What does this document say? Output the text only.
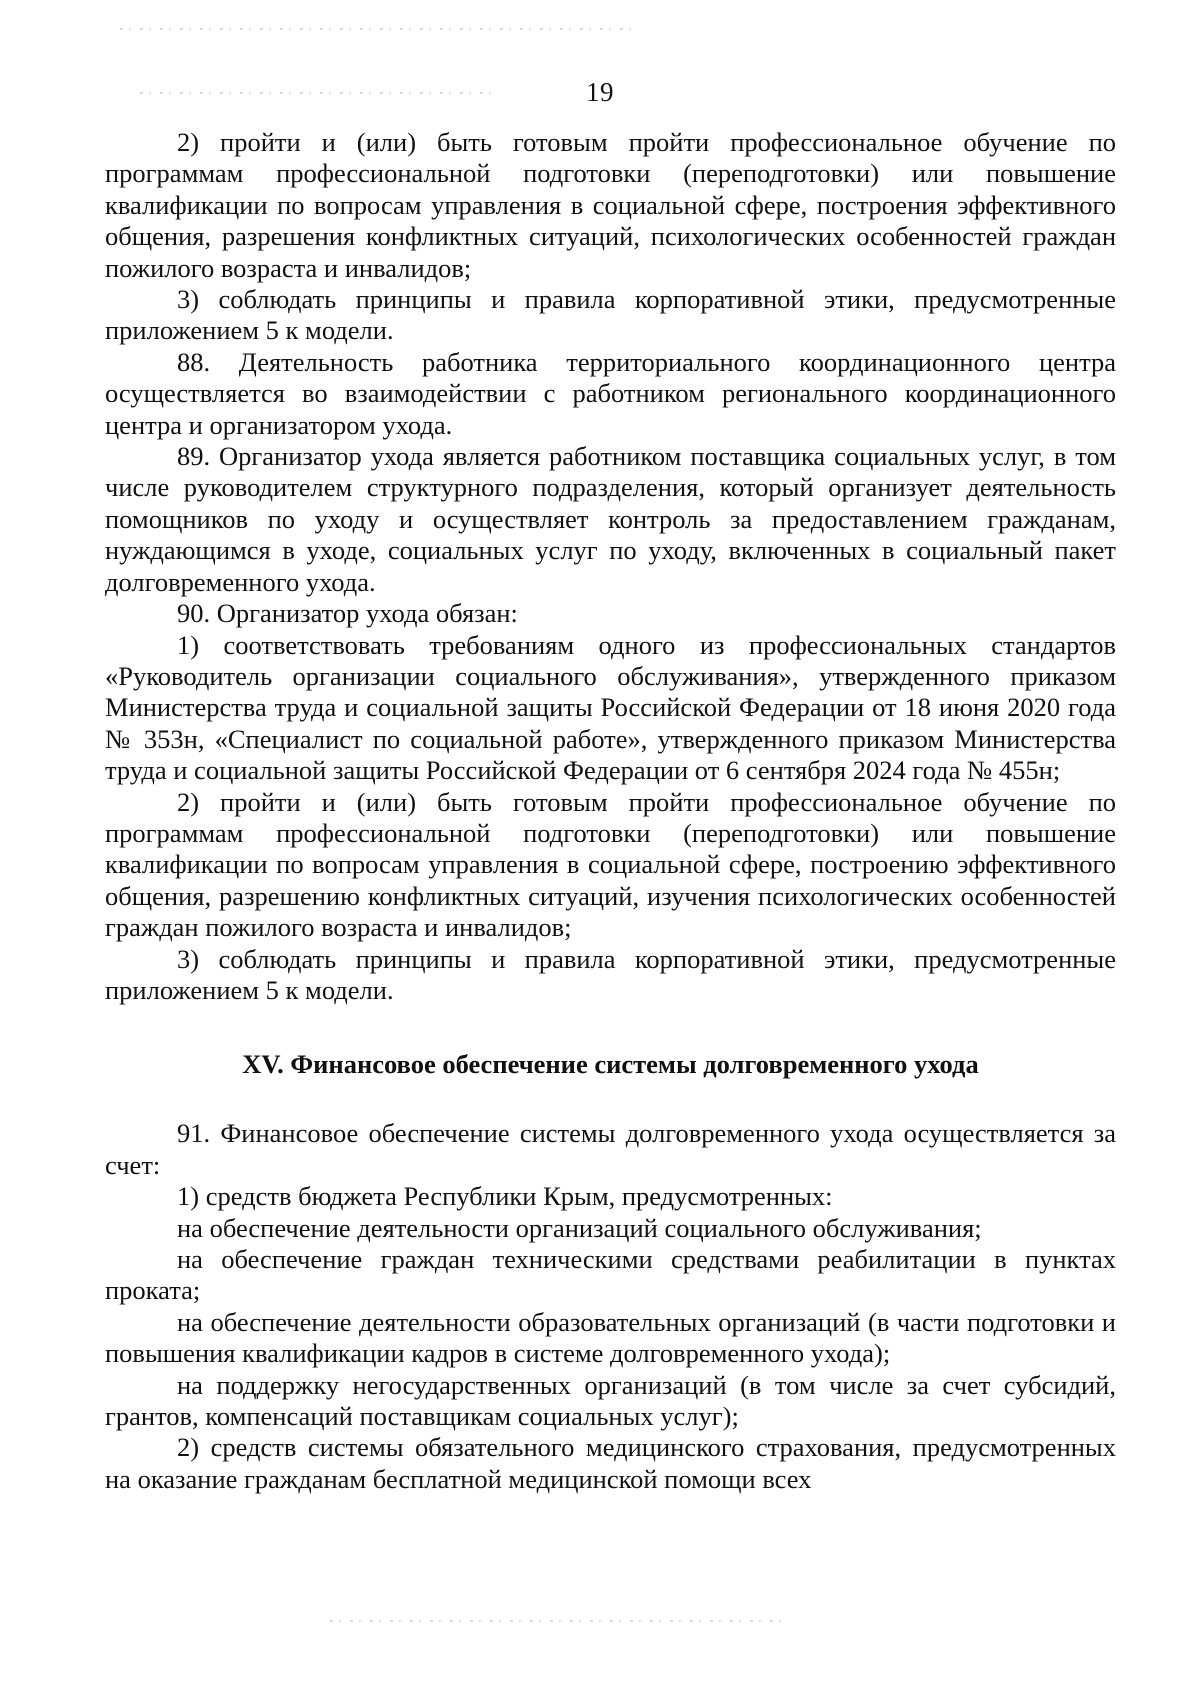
19

2) пройти и (или) быть готовым пройти профессиональное обучение по программам профессиональной подготовки (переподготовки) или повышение квалификации по вопросам управления в социальной сфере, построения эффективного общения, разрешения конфликтных ситуаций, психологических особенностей граждан пожилого возраста и инвалидов;

3) соблюдать принципы и правила корпоративной этики, предусмотренные приложением 5 к модели.

88. Деятельность работника территориального координационного центра осуществляется во взаимодействии с работником регионального координационного центра и организатором ухода.

89. Организатор ухода является работником поставщика социальных услуг, в том числе руководителем структурного подразделения, который организует деятельность помощников по уходу и осуществляет контроль за предоставлением гражданам, нуждающимся в уходе, социальных услуг по уходу, включенных в социальный пакет долговременного ухода.

90. Организатор ухода обязан:

1) соответствовать требованиям одного из профессиональных стандартов «Руководитель организации социального обслуживания», утвержденного приказом Министерства труда и социальной защиты Российской Федерации от 18 июня 2020 года № 353н, «Специалист по социальной работе», утвержденного приказом Министерства труда и социальной защиты Российской Федерации от 6 сентября 2024 года № 455н;

2) пройти и (или) быть готовым пройти профессиональное обучение по программам профессиональной подготовки (переподготовки) или повышение квалификации по вопросам управления в социальной сфере, построению эффективного общения, разрешению конфликтных ситуаций, изучения психологических особенностей граждан пожилого возраста и инвалидов;

3) соблюдать принципы и правила корпоративной этики, предусмотренные приложением 5 к модели.

XV. Финансовое обеспечение системы долговременного ухода

91. Финансовое обеспечение системы долговременного ухода осуществляется за счет:

1) средств бюджета Республики Крым, предусмотренных:

на обеспечение деятельности организаций социального обслуживания;

на обеспечение граждан техническими средствами реабилитации в пунктах проката;

на обеспечение деятельности образовательных организаций (в части подготовки и повышения квалификации кадров в системе долговременного ухода);

на поддержку негосударственных организаций (в том числе за счет субсидий, грантов, компенсаций поставщикам социальных услуг);

2) средств системы обязательного медицинского страхования, предусмотренных на оказание гражданам бесплатной медицинской помощи всех
